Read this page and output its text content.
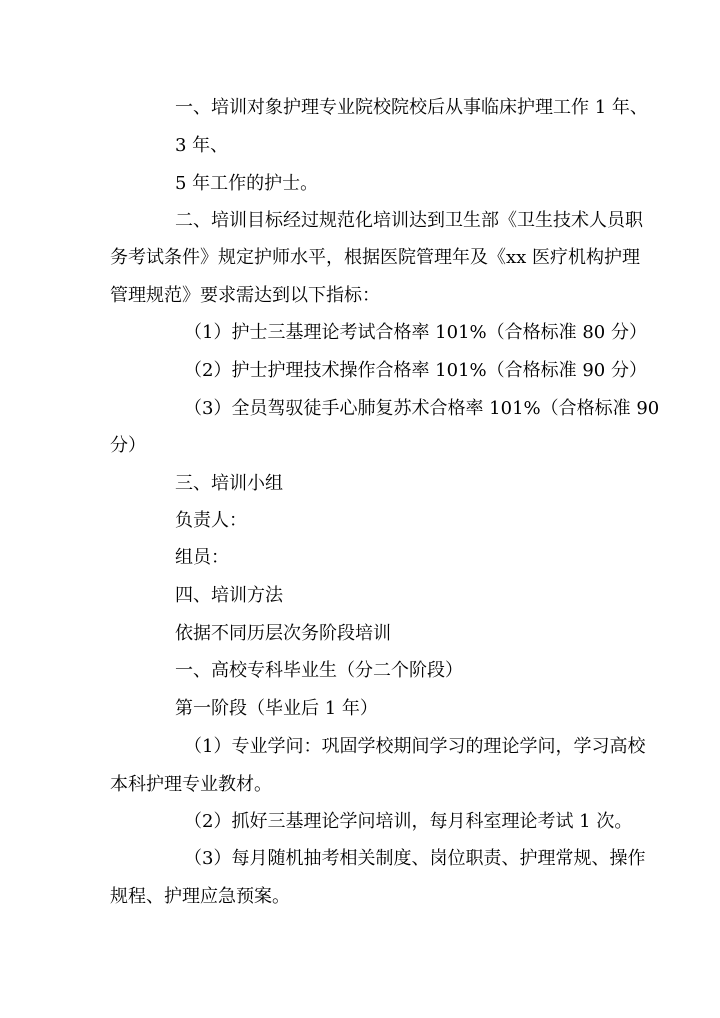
一、培训对象护理专业院校院校后从事临床护理工作 1 年、
3 年、
5 年工作的护士。
二、培训目标经过规范化培训达到卫生部《卫生技术人员职
务考试条件》规定护师水平，根据医院管理年及《xx 医疗机构护理
管理规范》要求需达到以下指标：
（1）护士三基理论考试合格率 101%（合格标准 80 分）
（2）护士护理技术操作合格率 101%（合格标准 90 分）
（3）全员驾驭徒手心肺复苏术合格率 101%（合格标准 90
分）
三、培训小组
负责人：
组员：
四、培训方法
依据不同历层次务阶段培训
一、高校专科毕业生（分二个阶段）
第一阶段（毕业后 1 年）
（1）专业学问：巩固学校期间学习的理论学问，学习高校
本科护理专业教材。
（2）抓好三基理论学问培训，每月科室理论考试 1 次。
（3）每月随机抽考相关制度、岗位职责、护理常规、操作
规程、护理应急预案。
